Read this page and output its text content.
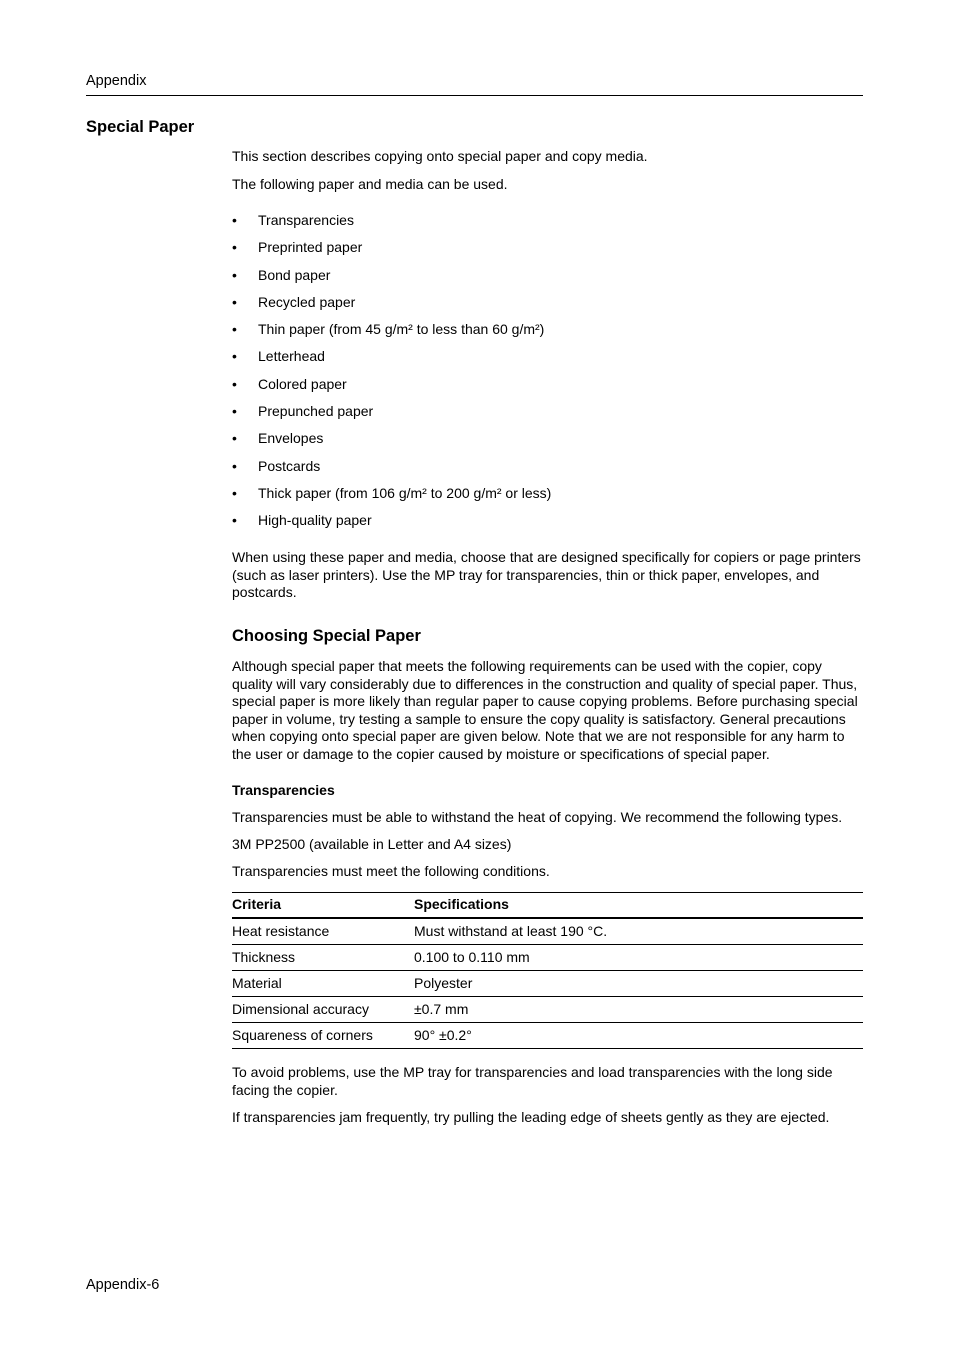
Appendix
Special Paper
This section describes copying onto special paper and copy media.
The following paper and media can be used.
• Transparencies
• Preprinted paper
• Bond paper
• Recycled paper
• Thin paper (from 45 g/m² to less than 60 g/m²)
• Letterhead
• Colored paper
• Prepunched paper
• Envelopes
• Postcards
• Thick paper (from 106 g/m² to 200 g/m² or less)
• High-quality paper
When using these paper and media, choose that are designed specifically for copiers or page printers (such as laser printers). Use the MP tray for transparencies, thin or thick paper, envelopes, and postcards.
Choosing Special Paper
Although special paper that meets the following requirements can be used with the copier, copy quality will vary considerably due to differences in the construction and quality of special paper. Thus, special paper is more likely than regular paper to cause copying problems. Before purchasing special paper in volume, try testing a sample to ensure the copy quality is satisfactory. General precautions when copying onto special paper are given below. Note that we are not responsible for any harm to the user or damage to the copier caused by moisture or specifications of special paper.
Transparencies
Transparencies must be able to withstand the heat of copying. We recommend the following types.
3M PP2500 (available in Letter and A4 sizes)
Transparencies must meet the following conditions.
Criteria	Specifications
Heat resistance	Must withstand at least 190 °C.
Thickness	0.100 to 0.110 mm
Material	Polyester
Dimensional accuracy	±0.7 mm
Squareness of corners	90° ±0.2°
To avoid problems, use the MP tray for transparencies and load transparencies with the long side facing the copier.
If transparencies jam frequently, try pulling the leading edge of sheets gently as they are ejected.
Appendix-6
